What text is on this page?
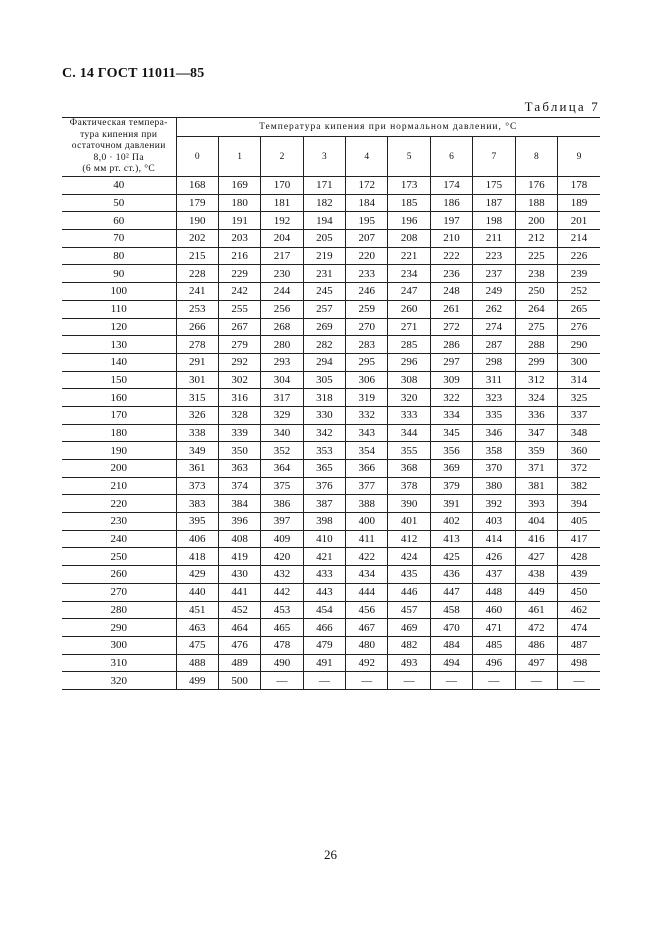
С. 14 ГОСТ 11011—85
Таблица 7
Фактическая темпера-
тура кипения при
остаточном давлении
8,0 · 10² Па
(6 мм рт. ст.), °С	Температура кипения при нормальном давлении, °С									
	0	1	2	3	4	5	6	7	8	9
40	168	169	170	171	172	173	174	175	176	178
50	179	180	181	182	184	185	186	187	188	189
60	190	191	192	194	195	196	197	198	200	201
70	202	203	204	205	207	208	210	211	212	214
80	215	216	217	219	220	221	222	223	225	226
90	228	229	230	231	233	234	236	237	238	239
100	241	242	244	245	246	247	248	249	250	252
110	253	255	256	257	259	260	261	262	264	265
120	266	267	268	269	270	271	272	274	275	276
130	278	279	280	282	283	285	286	287	288	290
140	291	292	293	294	295	296	297	298	299	300
150	301	302	304	305	306	308	309	311	312	314
160	315	316	317	318	319	320	322	323	324	325
170	326	328	329	330	332	333	334	335	336	337
180	338	339	340	342	343	344	345	346	347	348
190	349	350	352	353	354	355	356	358	359	360
200	361	363	364	365	366	368	369	370	371	372
210	373	374	375	376	377	378	379	380	381	382
220	383	384	386	387	388	390	391	392	393	394
230	395	396	397	398	400	401	402	403	404	405
240	406	408	409	410	411	412	413	414	416	417
250	418	419	420	421	422	424	425	426	427	428
260	429	430	432	433	434	435	436	437	438	439
270	440	441	442	443	444	446	447	448	449	450
280	451	452	453	454	456	457	458	460	461	462
290	463	464	465	466	467	469	470	471	472	474
300	475	476	478	479	480	482	484	485	486	487
310	488	489	490	491	492	493	494	496	497	498
320	499	500	—	—	—	—	—	—	—	—
26
